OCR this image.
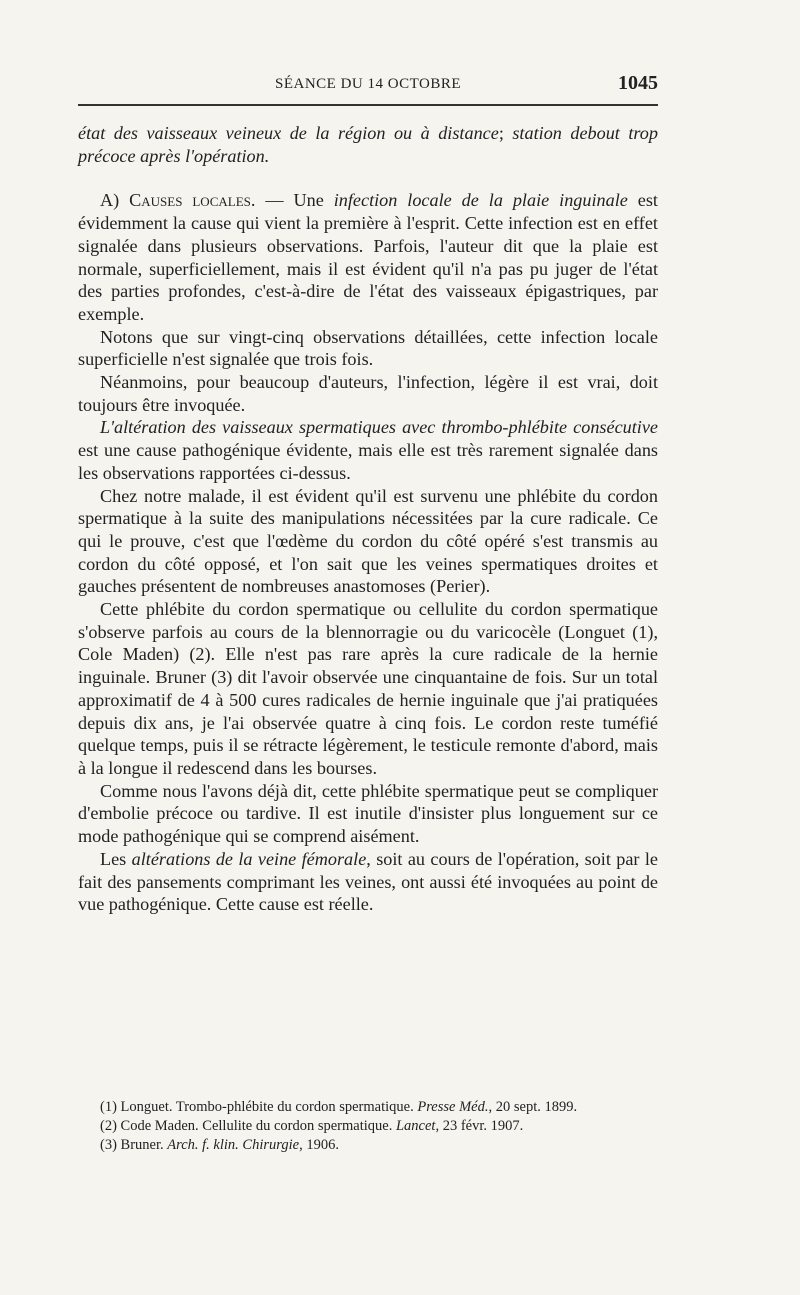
SÉANCE DU 14 OCTOBRE	1045

état des vaisseaux veineux de la région ou à distance; station debout trop précoce après l'opération.

A) Causes locales. — Une infection locale de la plaie inguinale est évidemment la cause qui vient la première à l'esprit. Cette infection est en effet signalée dans plusieurs observations. Parfois, l'auteur dit que la plaie est normale, superficiellement, mais il est évident qu'il n'a pas pu juger de l'état des parties profondes, c'est-à-dire de l'état des vaisseaux épigastriques, par exemple.

Notons que sur vingt-cinq observations détaillées, cette infection locale superficielle n'est signalée que trois fois.

Néanmoins, pour beaucoup d'auteurs, l'infection, légère il est vrai, doit toujours être invoquée.

L'altération des vaisseaux spermatiques avec thrombo-phlébite consécutive est une cause pathogénique évidente, mais elle est très rarement signalée dans les observations rapportées ci-dessus.

Chez notre malade, il est évident qu'il est survenu une phlébite du cordon spermatique à la suite des manipulations nécessitées par la cure radicale. Ce qui le prouve, c'est que l'œdème du cordon du côté opéré s'est transmis au cordon du côté opposé, et l'on sait que les veines spermatiques droites et gauches présentent de nombreuses anastomoses (Perier).

Cette phlébite du cordon spermatique ou cellulite du cordon spermatique s'observe parfois au cours de la blennorragie ou du varicocèle (Longuet (1), Cole Maden) (2). Elle n'est pas rare après la cure radicale de la hernie inguinale. Bruner (3) dit l'avoir observée une cinquantaine de fois. Sur un total approximatif de 4 à 500 cures radicales de hernie inguinale que j'ai pratiquées depuis dix ans, je l'ai observée quatre à cinq fois. Le cordon reste tuméfié quelque temps, puis il se rétracte légèrement, le testicule remonte d'abord, mais à la longue il redescend dans les bourses.

Comme nous l'avons déjà dit, cette phlébite spermatique peut se compliquer d'embolie précoce ou tardive. Il est inutile d'insister plus longuement sur ce mode pathogénique qui se comprend aisément.

Les altérations de la veine fémorale, soit au cours de l'opération, soit par le fait des pansements comprimant les veines, ont aussi été invoquées au point de vue pathogénique. Cette cause est réelle.

(1) Longuet. Trombo-phlébite du cordon spermatique. Presse Méd., 20 sept. 1899.

(2) Code Maden. Cellulite du cordon spermatique. Lancet, 23 févr. 1907.

(3) Bruner. Arch. f. klin. Chirurgie, 1906.
